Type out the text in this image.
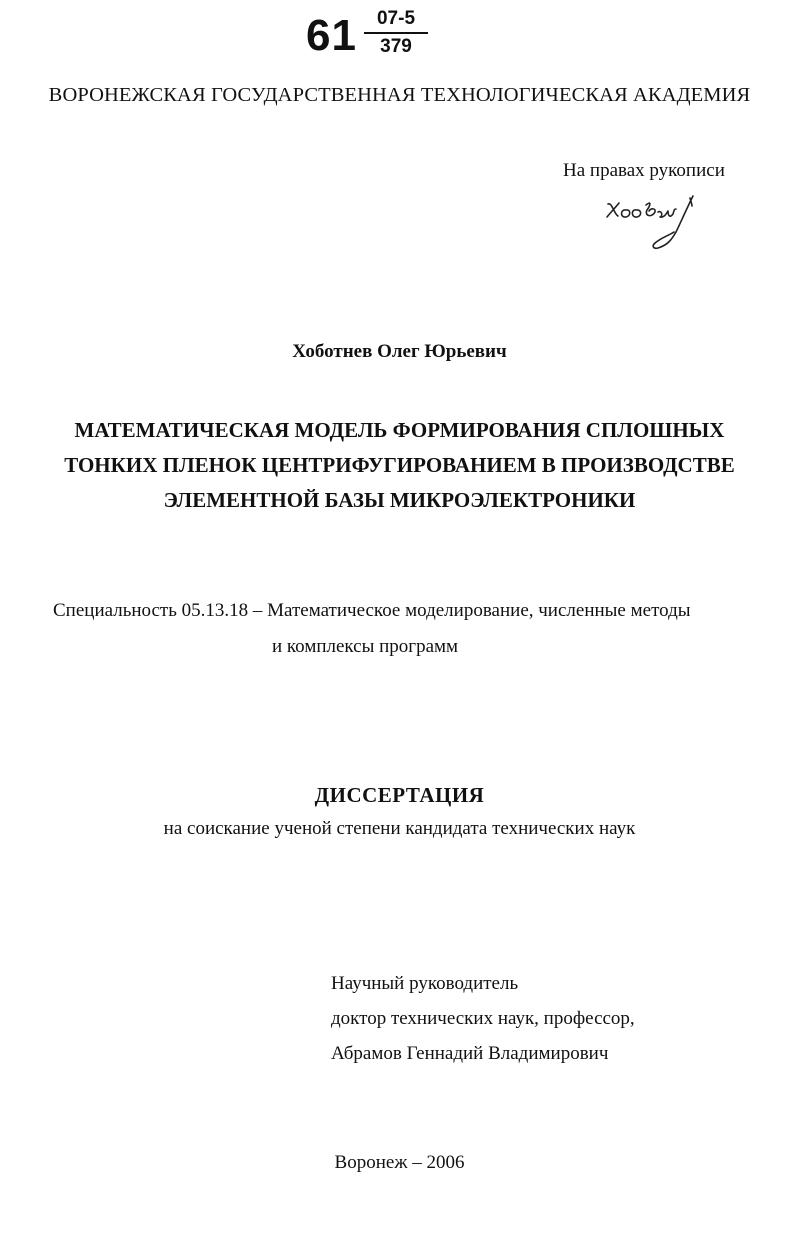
61	07-5
379
ВОРОНЕЖСКАЯ ГОСУДАРСТВЕННАЯ ТЕХНОЛОГИЧЕСКАЯ АКАДЕМИЯ
На правах рукописи
Хоботнев Олег Юрьевич
МАТЕМАТИЧЕСКАЯ МОДЕЛЬ ФОРМИРОВАНИЯ СПЛОШНЫХ
ТОНКИХ ПЛЕНОК ЦЕНТРИФУГИРОВАНИЕМ В ПРОИЗВОДСТВЕ
ЭЛЕМЕНТНОЙ БАЗЫ МИКРОЭЛЕКТРОНИКИ
Специальность 05.13.18 – Математическое моделирование, численные методы
и комплексы программ
ДИССЕРТАЦИЯ
на соискание ученой степени кандидата технических наук
Научный руководитель
доктор технических наук, профессор,
Абрамов Геннадий Владимирович
Воронеж – 2006
